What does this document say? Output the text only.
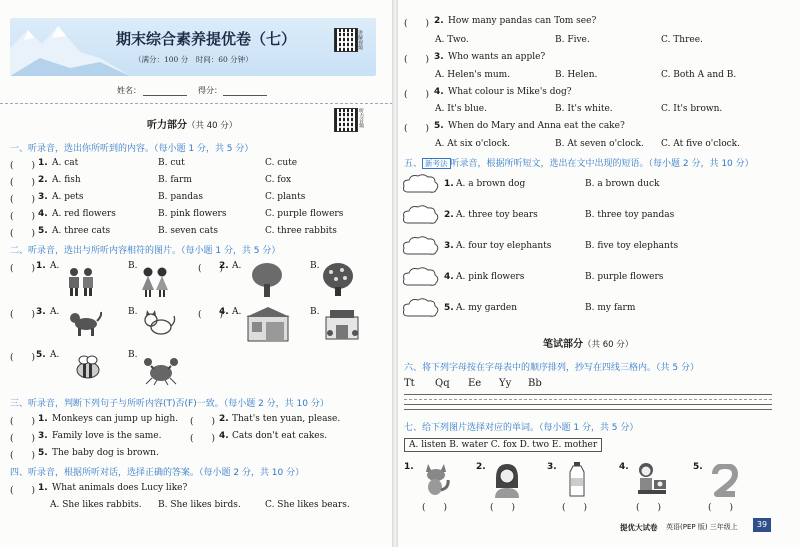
期末综合素养提优卷（七）
（满分：100 分　时间：60 分钟）
讲解视频
姓名：	得分：
听力部分（共 40 分）	听力音频
一、听录音，选出你所听到的内容。（每小题 1 分，共 5 分）
(　　) 1. A. cat	B. cut	C. cute
(　　) 2. A. fish	B. farm	C. fox
(　　) 3. A. pets	B. pandas	C. plants
(　　) 4. A. red flowers	B. pink flowers	C. purple flowers
(　　) 5. A. three cats	B. seven cats	C. three rabbits
二、听录音，选出与所听内容相符的图片。（每小题 1 分，共 5 分）
(　　) 1. A.	B.	(　　)
2. A.	B.
(　　) 3. A.	B.	(　　)
4. A.	B.
(　　) 5. A.	B.
三、听录音，判断下列句子与所听内容(T)否(F)一致。（每小题 2 分，共 10 分）
(　　) 1. Monkeys can jump up high. (　　) 2. That's ten yuan, please.
(　　) 3. Family love is the same.	(　　) 4. Cats don't eat cakes.
(　　) 5. The baby dog is brown.
四、听录音，根据所听对话，选择正确的答案。（每小题 2 分，共 10 分）
(　　) 1. What animals does Lucy like?
A. She likes rabbits. B. She likes birds.	C. She likes bears.
(　　) 2. How many pandas can Tom see?
A. Two.	B. Five.	C. Three.
(　　) 3. Who wants an apple?
A. Helen's mum.	B. Helen.	C. Both A and B.
(　　) 4. What colour is Mike's dog?
A. It's blue.	B. It's white.	C. It's brown.
(　　) 5. When do Mary and Anna eat the cake?
A. At six o'clock.	B. At seven o'clock. C. At five o'clock.
五、 新考法 听录音，根据所听短文，选出在文中出现的短语。（每小题 2 分，共 10 分）
1. A. a brown dog	B. a brown duck
2. A. three toy bears	B. three toy pandas
3. A. four toy elephants	B. five toy elephants
4. A. pink flowers	B. purple flowers
5. A. my garden	B. my farm
笔试部分（共 60 分）
六、将下列字母按在字母表中的顺序排列，抄写在四线三格内。（共 5 分）
Tt Qq Ee Yy Bb
七、给下列图片选择对应的单词。（每小题 1 分，共 5 分）
A. listen B. water C. fox D. two E. mother
1.
(　　)
2.
(　　)
3.
(　　)
4.
(　　)
5.
(　　)
提优大试卷 英语(PEP 版) 三年级上	39
